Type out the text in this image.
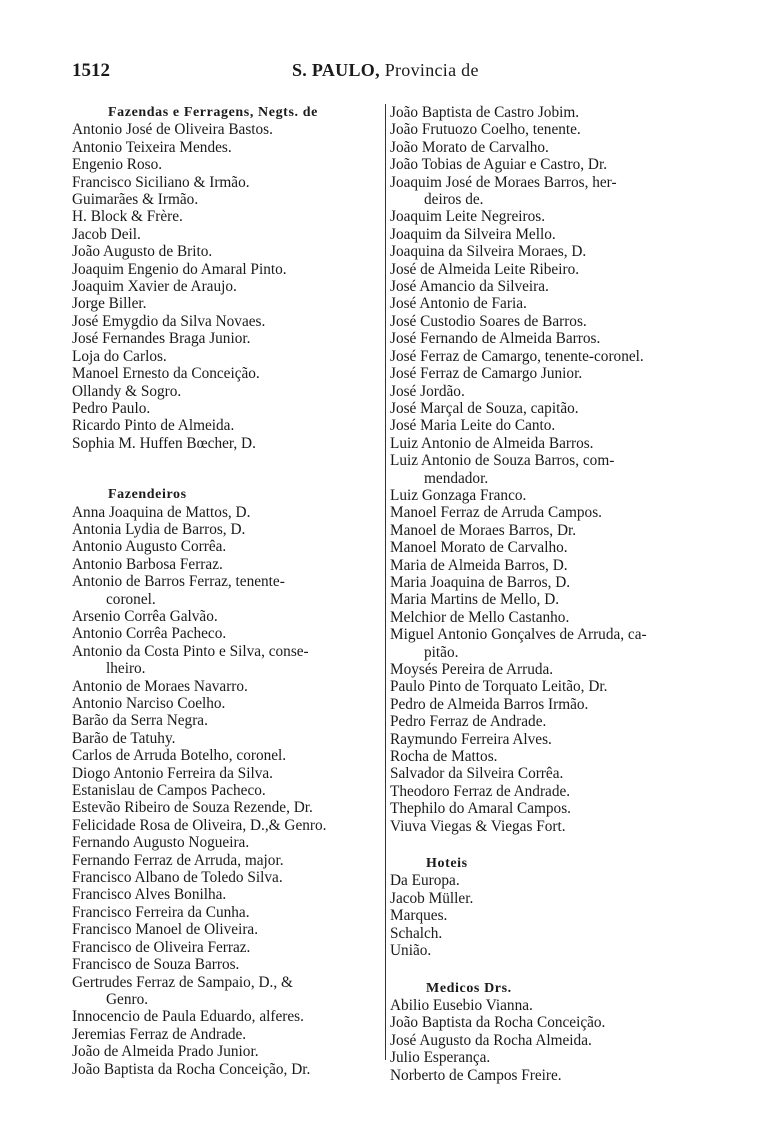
1512	S. PAULO, Provincia de
Fazendas e Ferragens, Negts. de
Antonio José de Oliveira Bastos.
Antonio Teixeira Mendes.
Engenio Roso.
Francisco Siciliano & Irmão.
Guimarães & Irmão.
H. Block & Frère.
Jacob Deil.
João Augusto de Brito.
Joaquim Engenio do Amaral Pinto.
Joaquim Xavier de Araujo.
Jorge Biller.
José Emygdio da Silva Novaes.
José Fernandes Braga Junior.
Loja do Carlos.
Manoel Ernesto da Conceição.
Ollandy & Sogro.
Pedro Paulo.
Ricardo Pinto de Almeida.
Sophia M. Huffen Bœcher, D.
Fazendeiros
Anna Joaquina de Mattos, D.
Antonia Lydia de Barros, D.
Antonio Augusto Corrêa.
Antonio Barbosa Ferraz.
Antonio de Barros Ferraz, tenente-
coronel.
Arsenio Corrêa Galvão.
Antonio Corrêa Pacheco.
Antonio da Costa Pinto e Silva, conse-
lheiro.
Antonio de Moraes Navarro.
Antonio Narciso Coelho.
Barão da Serra Negra.
Barão de Tatuhy.
Carlos de Arruda Botelho, coronel.
Diogo Antonio Ferreira da Silva.
Estanislau de Campos Pacheco.
Estevão Ribeiro de Souza Rezende, Dr.
Felicidade Rosa de Oliveira, D.,& Genro.
Fernando Augusto Nogueira.
Fernando Ferraz de Arruda, major.
Francisco Albano de Toledo Silva.
Francisco Alves Bonilha.
Francisco Ferreira da Cunha.
Francisco Manoel de Oliveira.
Francisco de Oliveira Ferraz.
Francisco de Souza Barros.
Gertrudes Ferraz de Sampaio, D., &
Genro.
Innocencio de Paula Eduardo, alferes.
Jeremias Ferraz de Andrade.
João de Almeida Prado Junior.
João Baptista da Rocha Conceição, Dr.
João Baptista de Castro Jobim.
João Frutuozo Coelho, tenente.
João Morato de Carvalho.
João Tobias de Aguiar e Castro, Dr.
Joaquim José de Moraes Barros, her-
deiros de.
Joaquim Leite Negreiros.
Joaquim da Silveira Mello.
Joaquina da Silveira Moraes, D.
José de Almeida Leite Ribeiro.
José Amancio da Silveira.
José Antonio de Faria.
José Custodio Soares de Barros.
José Fernando de Almeida Barros.
José Ferraz de Camargo, tenente-coronel.
José Ferraz de Camargo Junior.
José Jordão.
José Marçal de Souza, capitão.
José Maria Leite do Canto.
Luiz Antonio de Almeida Barros.
Luiz Antonio de Souza Barros, com-
mendador.
Luiz Gonzaga Franco.
Manoel Ferraz de Arruda Campos.
Manoel de Moraes Barros, Dr.
Manoel Morato de Carvalho.
Maria de Almeida Barros, D.
Maria Joaquina de Barros, D.
Maria Martins de Mello, D.
Melchior de Mello Castanho.
Miguel Antonio Gonçalves de Arruda, ca-
pitão.
Moysés Pereira de Arruda.
Paulo Pinto de Torquato Leitão, Dr.
Pedro de Almeida Barros Irmão.
Pedro Ferraz de Andrade.
Raymundo Ferreira Alves.
Rocha de Mattos.
Salvador da Silveira Corrêa.
Theodoro Ferraz de Andrade.
Thephilo do Amaral Campos.
Viuva Viegas & Viegas Fort.
Hoteis
Da Europa.
Jacob Müller.
Marques.
Schalch.
União.
Medicos Drs.
Abilio Eusebio Vianna.
João Baptista da Rocha Conceição.
José Augusto da Rocha Almeida.
Julio Esperança.
Norberto de Campos Freire.
